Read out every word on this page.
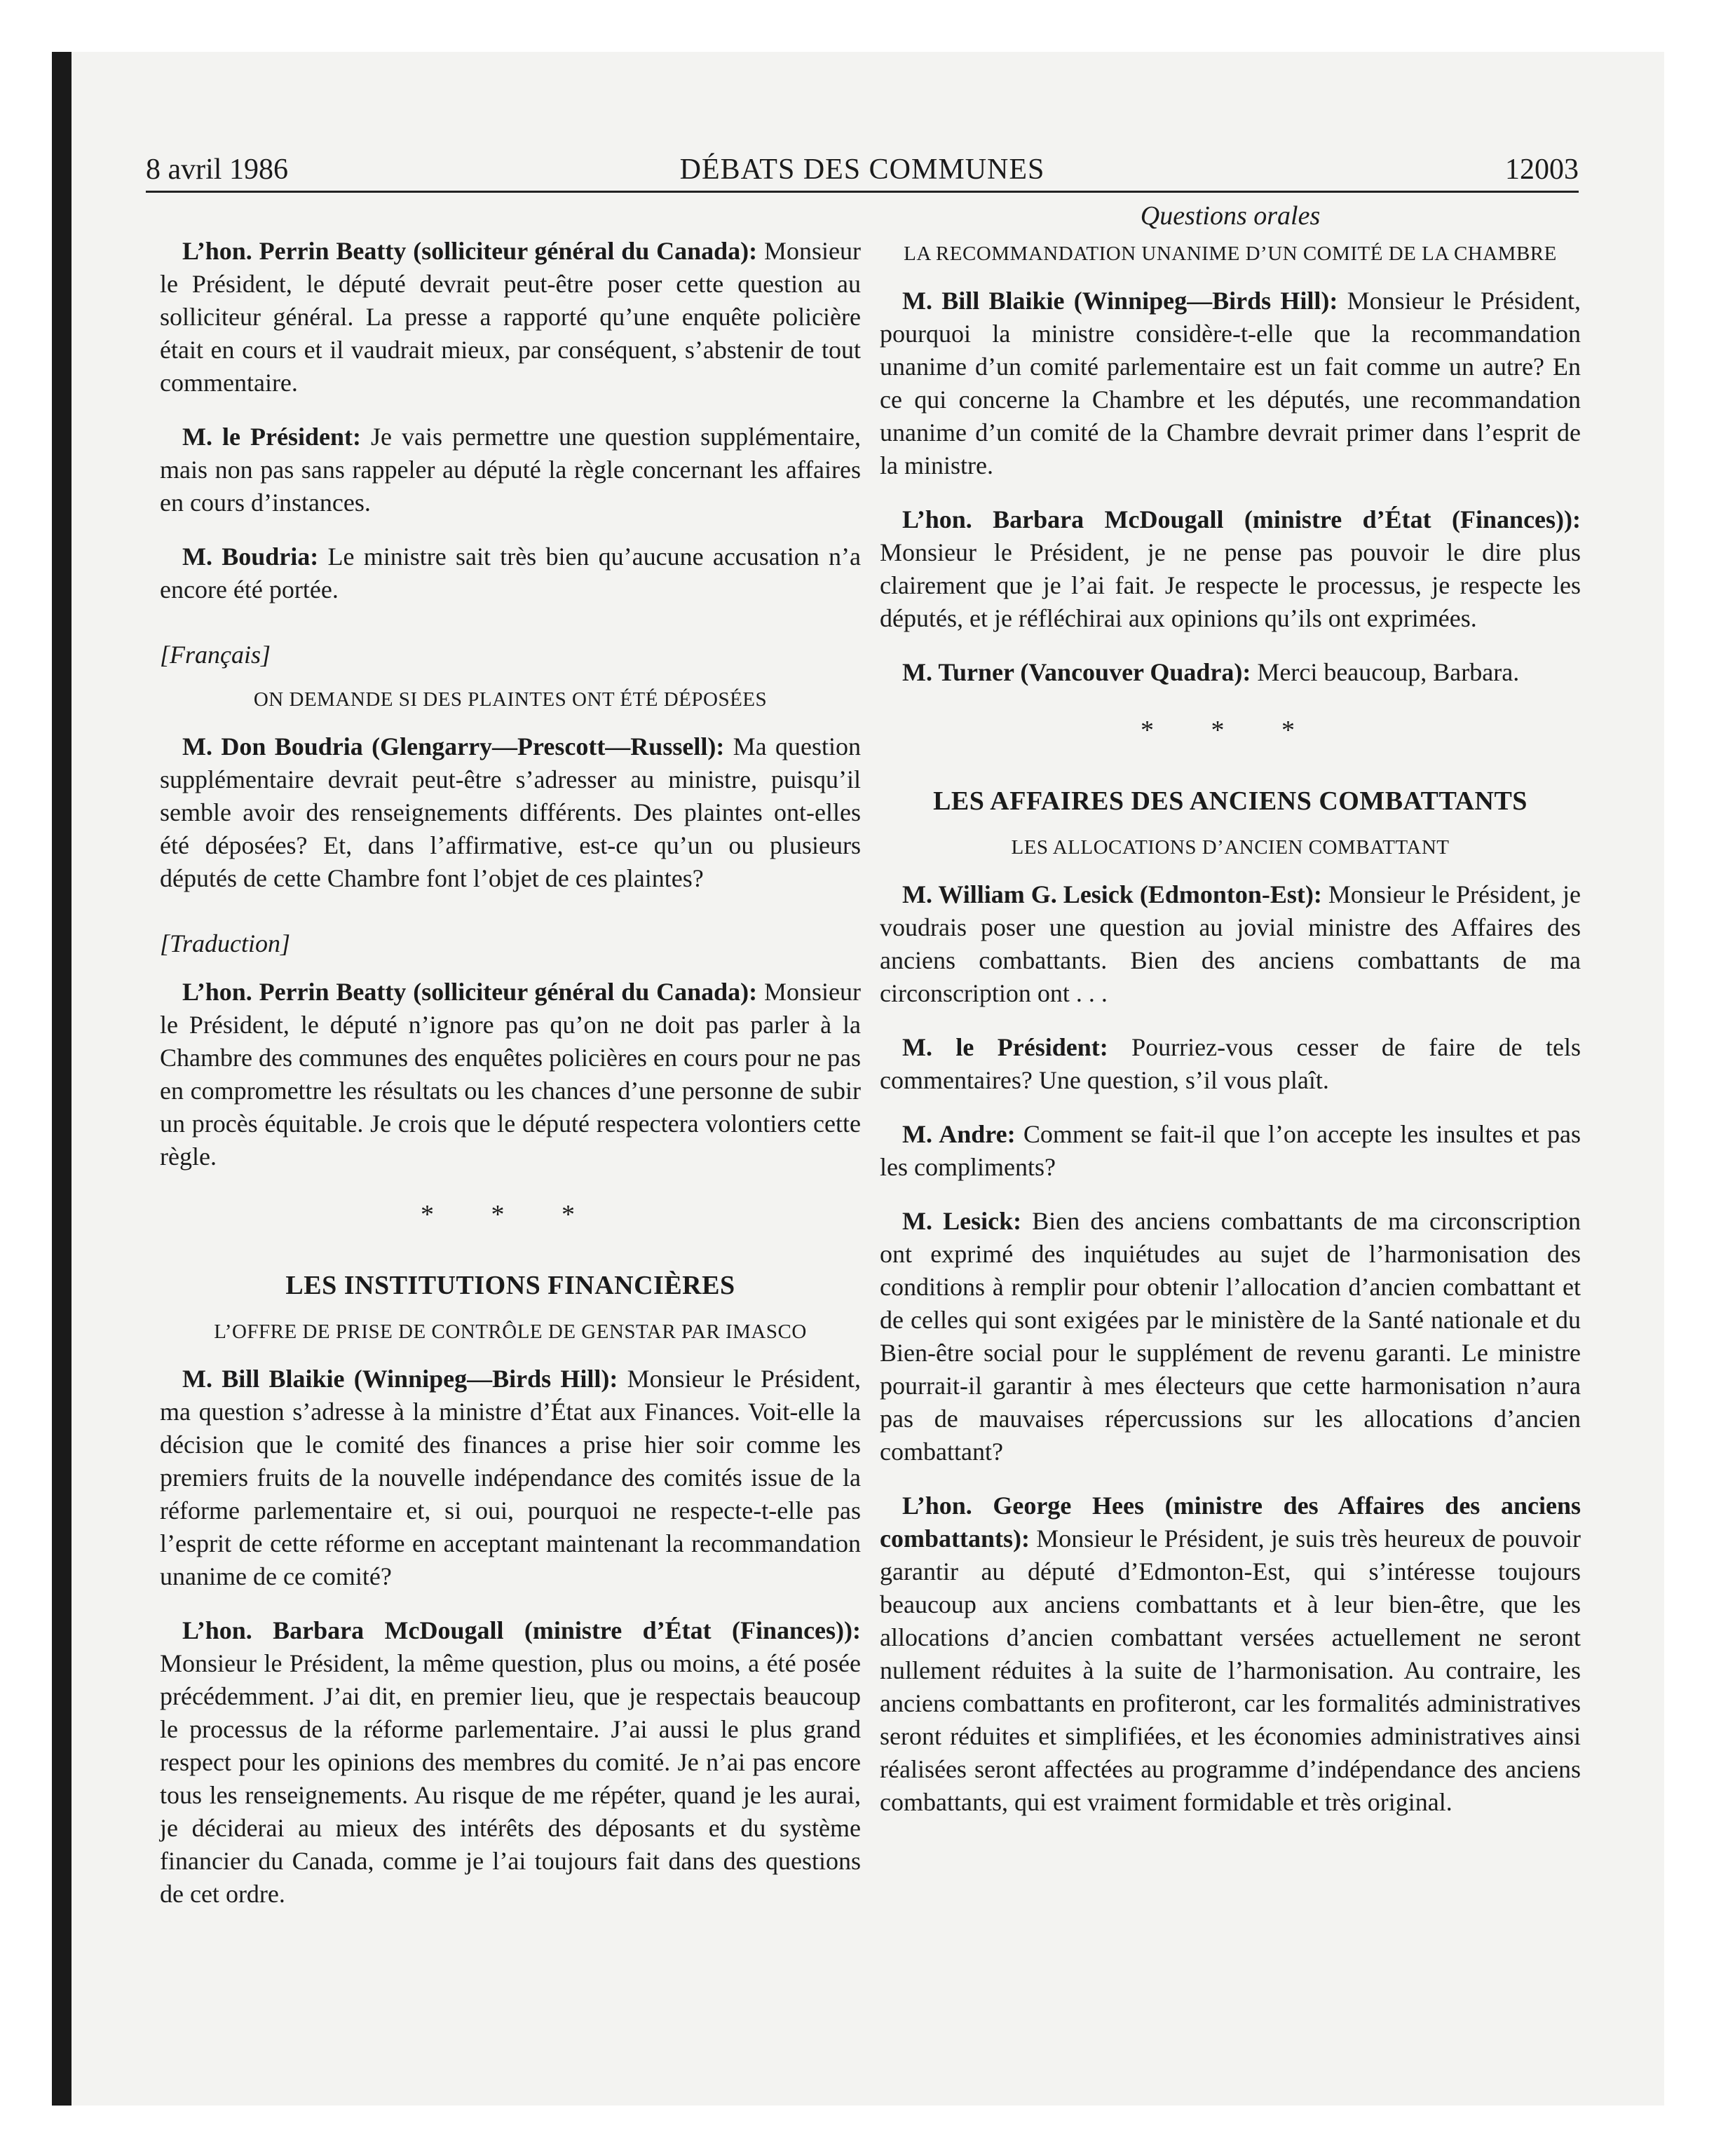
8 avril 1986	DÉBATS DES COMMUNES	12003

L’hon. Perrin Beatty (solliciteur général du Canada): Monsieur le Président, le député devrait peut-être poser cette question au solliciteur général. La presse a rapporté qu’une enquête policière était en cours et il vaudrait mieux, par conséquent, s’abstenir de tout commentaire.

M. le Président: Je vais permettre une question supplémentaire, mais non pas sans rappeler au député la règle concernant les affaires en cours d’instances.

M. Boudria: Le ministre sait très bien qu’aucune accusation n’a encore été portée.

[Français]
ON DEMANDE SI DES PLAINTES ONT ÉTÉ DÉPOSÉES

M. Don Boudria (Glengarry—Prescott—Russell): Ma question supplémentaire devrait peut-être s’adresser au ministre, puisqu’il semble avoir des renseignements différents. Des plaintes ont-elles été déposées? Et, dans l’affirmative, est-ce qu’un ou plusieurs députés de cette Chambre font l’objet de ces plaintes?

[Traduction]

L’hon. Perrin Beatty (solliciteur général du Canada): Monsieur le Président, le député n’ignore pas qu’on ne doit pas parler à la Chambre des communes des enquêtes policières en cours pour ne pas en compromettre les résultats ou les chances d’une personne de subir un procès équitable. Je crois que le député respectera volontiers cette règle.

* * *
LES INSTITUTIONS FINANCIÈRES
L’OFFRE DE PRISE DE CONTRÔLE DE GENSTAR PAR IMASCO

M. Bill Blaikie (Winnipeg—Birds Hill): Monsieur le Président, ma question s’adresse à la ministre d’État aux Finances. Voit-elle la décision que le comité des finances a prise hier soir comme les premiers fruits de la nouvelle indépendance des comités issue de la réforme parlementaire et, si oui, pourquoi ne respecte-t-elle pas l’esprit de cette réforme en acceptant maintenant la recommandation unanime de ce comité?

L’hon. Barbara McDougall (ministre d’État (Finances)): Monsieur le Président, la même question, plus ou moins, a été posée précédemment. J’ai dit, en premier lieu, que je respectais beaucoup le processus de la réforme parlementaire. J’ai aussi le plus grand respect pour les opinions des membres du comité. Je n’ai pas encore tous les renseignements. Au risque de me répéter, quand je les aurai, je déciderai au mieux des intérêts des déposants et du système financier du Canada, comme je l’ai toujours fait dans des questions de cet ordre.

Questions orales
LA RECOMMANDATION UNANIME D’UN COMITÉ DE LA CHAMBRE

M. Bill Blaikie (Winnipeg—Birds Hill): Monsieur le Président, pourquoi la ministre considère-t-elle que la recommandation unanime d’un comité parlementaire est un fait comme un autre? En ce qui concerne la Chambre et les députés, une recommandation unanime d’un comité de la Chambre devrait primer dans l’esprit de la ministre.

L’hon. Barbara McDougall (ministre d’État (Finances)): Monsieur le Président, je ne pense pas pouvoir le dire plus clairement que je l’ai fait. Je respecte le processus, je respecte les députés, et je réfléchirai aux opinions qu’ils ont exprimées.

M. Turner (Vancouver Quadra): Merci beaucoup, Barbara.

* * *
LES AFFAIRES DES ANCIENS COMBATTANTS
LES ALLOCATIONS D’ANCIEN COMBATTANT

M. William G. Lesick (Edmonton-Est): Monsieur le Président, je voudrais poser une question au jovial ministre des Affaires des anciens combattants. Bien des anciens combattants de ma circonscription ont . . .

M. le Président: Pourriez-vous cesser de faire de tels commentaires? Une question, s’il vous plaît.

M. Andre: Comment se fait-il que l’on accepte les insultes et pas les compliments?

M. Lesick: Bien des anciens combattants de ma circonscription ont exprimé des inquiétudes au sujet de l’harmonisation des conditions à remplir pour obtenir l’allocation d’ancien combattant et de celles qui sont exigées par le ministère de la Santé nationale et du Bien-être social pour le supplément de revenu garanti. Le ministre pourrait-il garantir à mes électeurs que cette harmonisation n’aura pas de mauvaises répercussions sur les allocations d’ancien combattant?

L’hon. George Hees (ministre des Affaires des anciens combattants): Monsieur le Président, je suis très heureux de pouvoir garantir au député d’Edmonton-Est, qui s’intéresse toujours beaucoup aux anciens combattants et à leur bien-être, que les allocations d’ancien combattant versées actuellement ne seront nullement réduites à la suite de l’harmonisation. Au contraire, les anciens combattants en profiteront, car les formalités administratives seront réduites et simplifiées, et les économies administratives ainsi réalisées seront affectées au programme d’indépendance des anciens combattants, qui est vraiment formidable et très original.
